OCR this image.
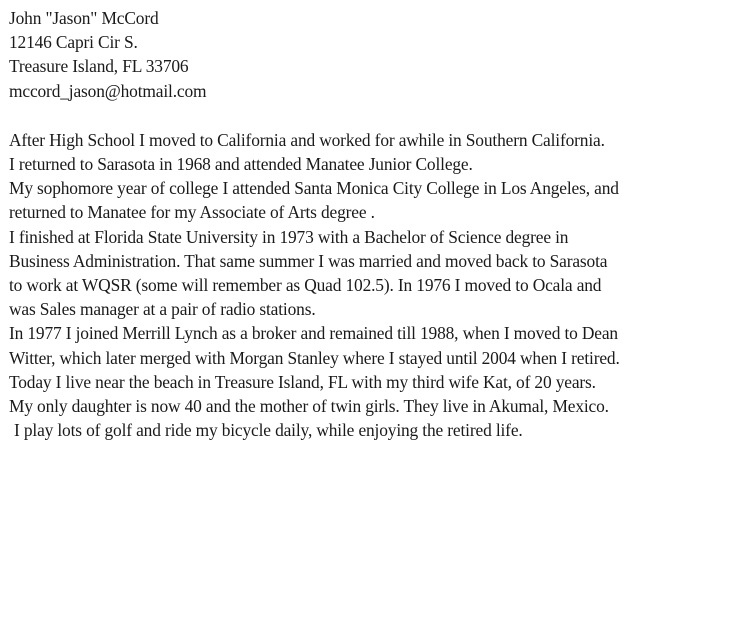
John "Jason" McCord
12146 Capri Cir S.
Treasure Island, FL 33706
mccord_jason@hotmail.com
After High School I moved to California and worked for awhile in Southern California.
I returned to Sarasota in 1968 and attended Manatee Junior College.
My sophomore year of college I attended Santa Monica City College in Los Angeles, and
returned to Manatee for my Associate of Arts degree .
I finished at Florida State University in 1973 with a Bachelor of Science degree in
Business Administration. That same summer I was married and moved back to Sarasota
to work at WQSR (some will remember as Quad 102.5). In 1976 I moved to Ocala and
was Sales manager at a pair of radio stations.
In 1977 I joined Merrill Lynch as a broker and remained till 1988, when I moved to Dean
Witter, which later merged with Morgan Stanley where I stayed until 2004 when I retired.
Today I live near the beach in Treasure Island, FL with my third wife Kat, of 20 years.
My only daughter is now 40 and the mother of twin girls. They live in Akumal, Mexico.
I play lots of golf and ride my bicycle daily, while enjoying the retired life.
